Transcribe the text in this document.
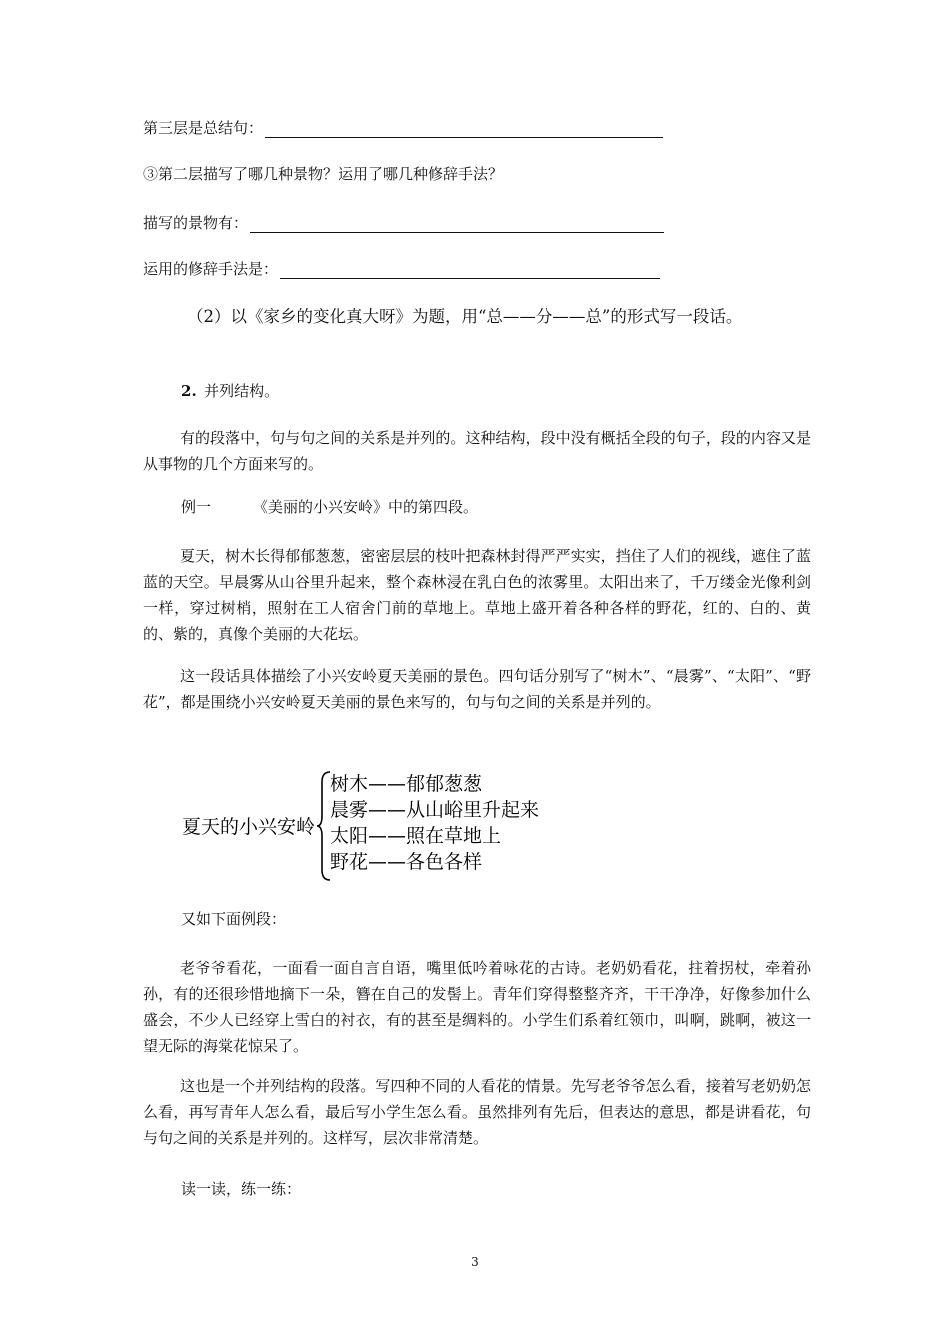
第三层是总结句：
③第二层描写了哪几种景物？运用了哪几种修辞手法？
描写的景物有：
运用的修辞手法是：
（2）以《家乡的变化真大呀》为题，用“总——分——总”的形式写一段话。
2.  并列结构。
有的段落中，句与句之间的关系是并列的。这种结构，段中没有概括全段的句子，段的内容又是从事物的几个方面来写的。
例一	《美丽的小兴安岭》中的第四段。
夏天，树木长得郁郁葱葱，密密层层的枝叶把森林封得严严实实，挡住了人们的视线，遮住了蓝蓝的天空。早晨雾从山谷里升起来，整个森林浸在乳白色的浓雾里。太阳出来了，千万缕金光像利剑一样，穿过树梢，照射在工人宿舍门前的草地上。草地上盛开着各种各样的野花，红的、白的、黄的、紫的，真像个美丽的大花坛。
这一段话具体描绘了小兴安岭夏天美丽的景色。四句话分别写了“树木”、“晨雾”、“太阳”、“野花”，都是围绕小兴安岭夏天美丽的景色来写的，句与句之间的关系是并列的。
夏天的小兴安岭
树木——郁郁葱葱
晨雾——从山峪里升起来
太阳——照在草地上
野花——各色各样
又如下面例段：
老爷爷看花，一面看一面自言自语，嘴里低吟着咏花的古诗。老奶奶看花，拄着拐杖，牵着孙孙，有的还很珍惜地摘下一朵，簪在自己的发髻上。青年们穿得整整齐齐，干干净净，好像参加什么盛会，不少人已经穿上雪白的衬衣，有的甚至是绸料的。小学生们系着红领巾，叫啊，跳啊，被这一望无际的海棠花惊呆了。
这也是一个并列结构的段落。写四种不同的人看花的情景。先写老爷爷怎么看，接着写老奶奶怎么看，再写青年人怎么看，最后写小学生怎么看。虽然排列有先后，但表达的意思，都是讲看花，句与句之间的关系是并列的。这样写，层次非常清楚。
读一读，练一练：
3
